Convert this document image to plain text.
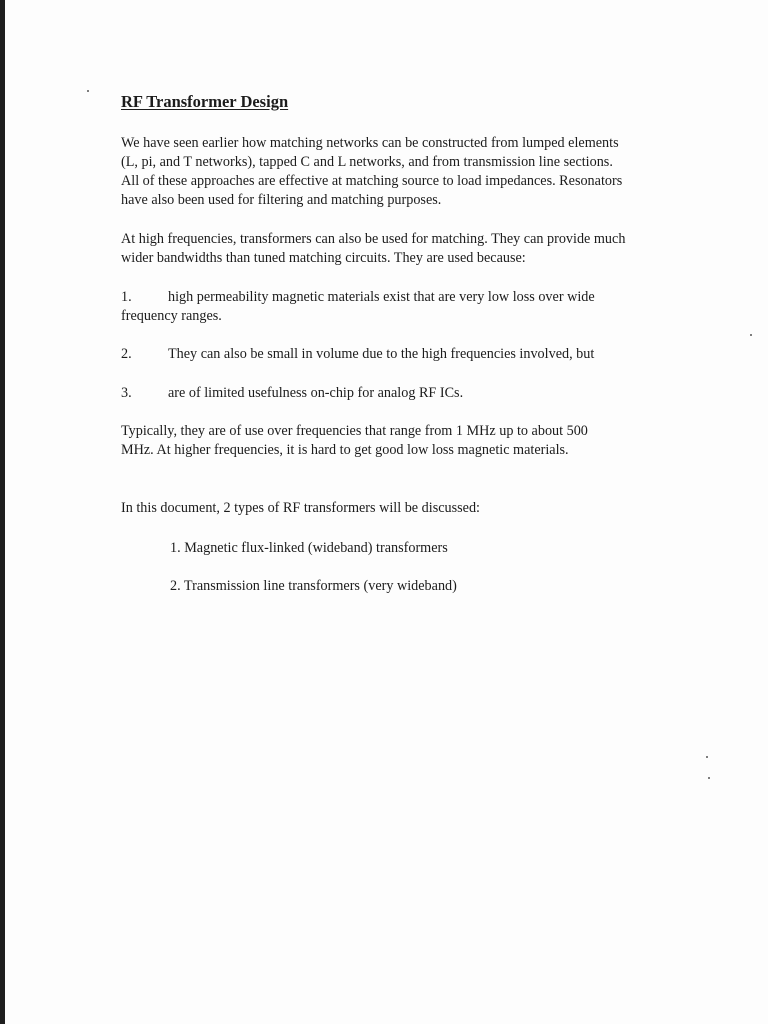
RF Transformer Design

We have seen earlier how matching networks can be constructed from lumped elements

(L, pi, and T networks), tapped C and L networks, and from transmission line sections.

All of these approaches are effective at matching source to load impedances. Resonators

have also been used for filtering and matching purposes.

At high frequencies, transformers can also be used for matching. They can provide much

wider bandwidths than tuned matching circuits. They are used because:

1.	high permeability magnetic materials exist that are very low loss over wide

frequency ranges.

2.	They can also be small in volume due to the high frequencies involved, but

3.	are of limited usefulness on-chip for analog RF ICs.

Typically, they are of use over frequencies that range from 1 MHz up to about 500

MHz. At higher frequencies, it is hard to get good low loss magnetic materials.

In this document, 2 types of RF transformers will be discussed:

1. Magnetic flux-linked (wideband) transformers

2. Transmission line transformers (very wideband)
